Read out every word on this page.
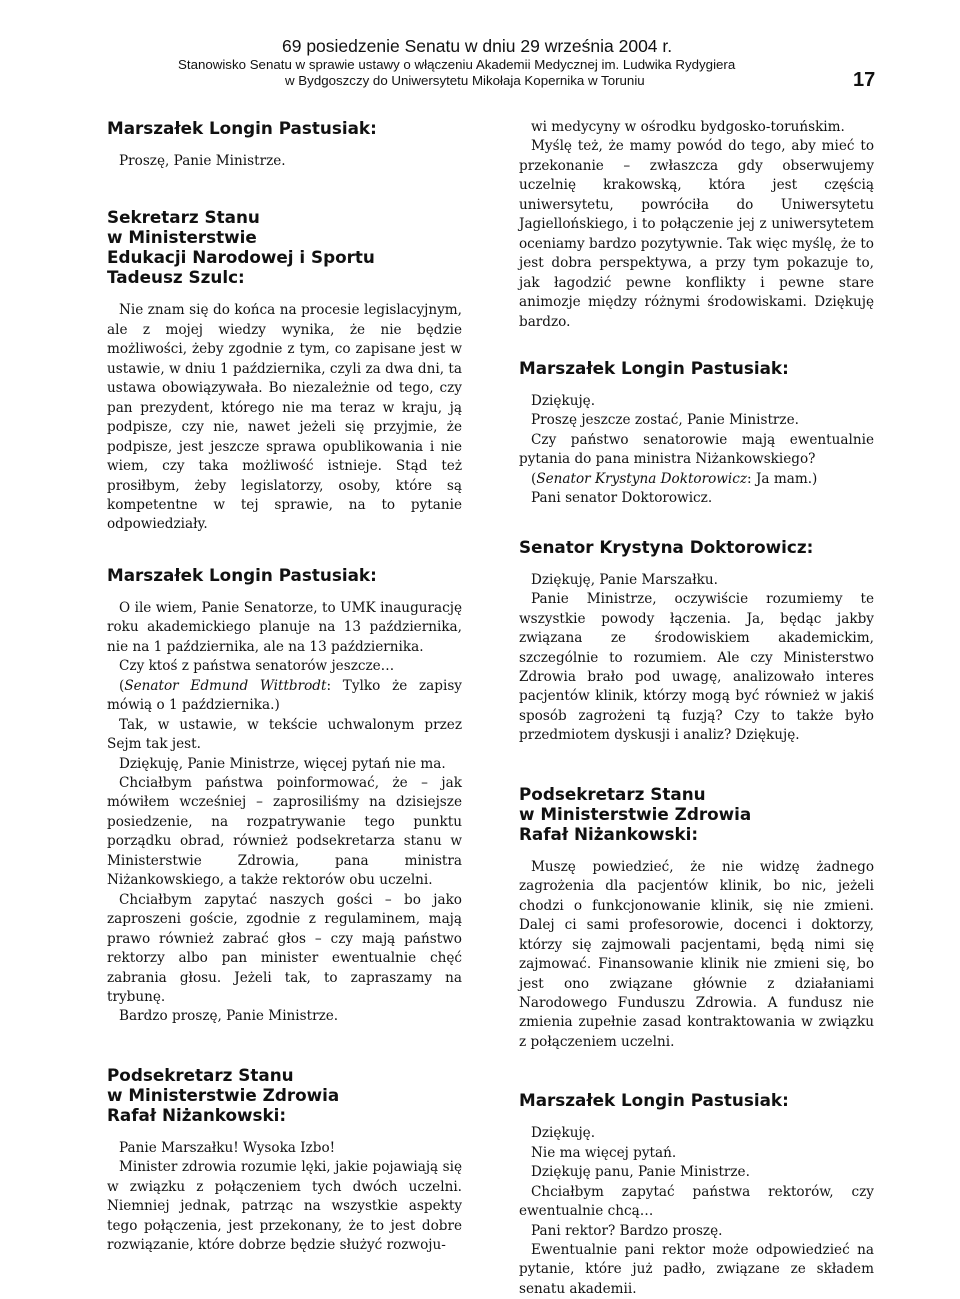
69 posiedzenie Senatu w dniu 29 września 2004 r.
Stanowisko Senatu w sprawie ustawy o włączeniu Akademii Medycznej im. Ludwika Rydygiera
w Bydgoszczy do Uniwersytetu Mikołaja Kopernika w Toruniu	17
Marszałek Longin Pastusiak:

Proszę, Panie Ministrze.

Sekretarz Stanu
w Ministerstwie
Edukacji Narodowej i Sportu
Tadeusz Szulc:

Nie znam się do końca na procesie legislacyjnym, ale z mojej wiedzy wynika, że nie będzie możliwości, żeby zgodnie z tym, co zapisane jest w ustawie, w dniu 1 października, czyli za dwa dni, ta ustawa obowiązywała. Bo niezależnie od tego, czy pan prezydent, którego nie ma teraz w kraju, ją podpisze, czy nie, nawet jeżeli się przyjmie, że podpisze, jest jeszcze sprawa opublikowania i nie wiem, czy taka możliwość istnieje. Stąd też prosiłbym, żeby legislatorzy, osoby, które są kompetentne w tej sprawie, na to pytanie odpowiedziały.

Marszałek Longin Pastusiak:

O ile wiem, Panie Senatorze, to UMK inaugurację roku akademickiego planuje na 13 października, nie na 1 października, ale na 13 października.

Czy ktoś z państwa senatorów jeszcze…

(Senator Edmund Wittbrodt: Tylko że zapisy mówią o 1 października.)

Tak, w ustawie, w tekście uchwalonym przez Sejm tak jest.

Dziękuję, Panie Ministrze, więcej pytań nie ma.

Chciałbym państwa poinformować, że – jak mówiłem wcześniej – zaprosiliśmy na dzisiejsze posiedzenie, na rozpatrywanie tego punktu porządku obrad, również podsekretarza stanu w Ministerstwie Zdrowia, pana ministra Niżankowskiego, a także rektorów obu uczelni.

Chciałbym zapytać naszych gości – bo jako zaproszeni goście, zgodnie z regulaminem, mają prawo również zabrać głos – czy mają państwo rektorzy albo pan minister ewentualnie chęć zabrania głosu. Jeżeli tak, to zapraszamy na trybunę.

Bardzo proszę, Panie Ministrze.

Podsekretarz Stanu
w Ministerstwie Zdrowia
Rafał Niżankowski:

Panie Marszałku! Wysoka Izbo!

Minister zdrowia rozumie lęki, jakie pojawiają się w związku z połączeniem tych dwóch uczelni. Niemniej jednak, patrząc na wszystkie aspekty tego połączenia, jest przekonany, że to jest dobre rozwiązanie, które dobrze będzie służyć rozwoju-

wi medycyny w ośrodku bydgosko-toruńskim.

Myślę też, że mamy powód do tego, aby mieć to przekonanie – zwłaszcza gdy obserwujemy uczelnię krakowską, która jest częścią uniwersytetu, powróciła do Uniwersytetu Jagiellońskiego, i to połączenie jej z uniwersytetem oceniamy bardzo pozytywnie. Tak więc myślę, że to jest dobra perspektywa, a przy tym pokazuje to, jak łagodzić pewne konflikty i pewne stare animozje między różnymi środowiskami. Dziękuję bardzo.

Marszałek Longin Pastusiak:

Dziękuję.

Proszę jeszcze zostać, Panie Ministrze.

Czy państwo senatorowie mają ewentualnie pytania do pana ministra Niżankowskiego?

(Senator Krystyna Doktorowicz: Ja mam.)

Pani senator Doktorowicz.

Senator Krystyna Doktorowicz:

Dziękuję, Panie Marszałku.

Panie Ministrze, oczywiście rozumiemy te wszystkie powody łączenia. Ja, będąc jakby związana ze środowiskiem akademickim, szczególnie to rozumiem. Ale czy Ministerstwo Zdrowia brało pod uwagę, analizowało interes pacjentów klinik, którzy mogą być również w jakiś sposób zagrożeni tą fuzją? Czy to także było przedmiotem dyskusji i analiz? Dziękuję.

Podsekretarz Stanu
w Ministerstwie Zdrowia
Rafał Niżankowski:

Muszę powiedzieć, że nie widzę żadnego zagrożenia dla pacjentów klinik, bo nic, jeżeli chodzi o funkcjonowanie klinik, się nie zmieni. Dalej ci sami profesorowie, docenci i doktorzy, którzy się zajmowali pacjentami, będą nimi się zajmować. Finansowanie klinik nie zmieni się, bo jest ono związane głównie z działaniami Narodowego Funduszu Zdrowia. A fundusz nie zmienia zupełnie zasad kontraktowania w związku z połączeniem uczelni.

Marszałek Longin Pastusiak:

Dziękuję.

Nie ma więcej pytań.

Dziękuję panu, Panie Ministrze.

Chciałbym zapytać państwa rektorów, czy ewentualnie chcą…

Pani rektor? Bardzo proszę.

Ewentualnie pani rektor może odpowiedzieć na pytanie, które już padło, związane ze składem senatu akademii.
